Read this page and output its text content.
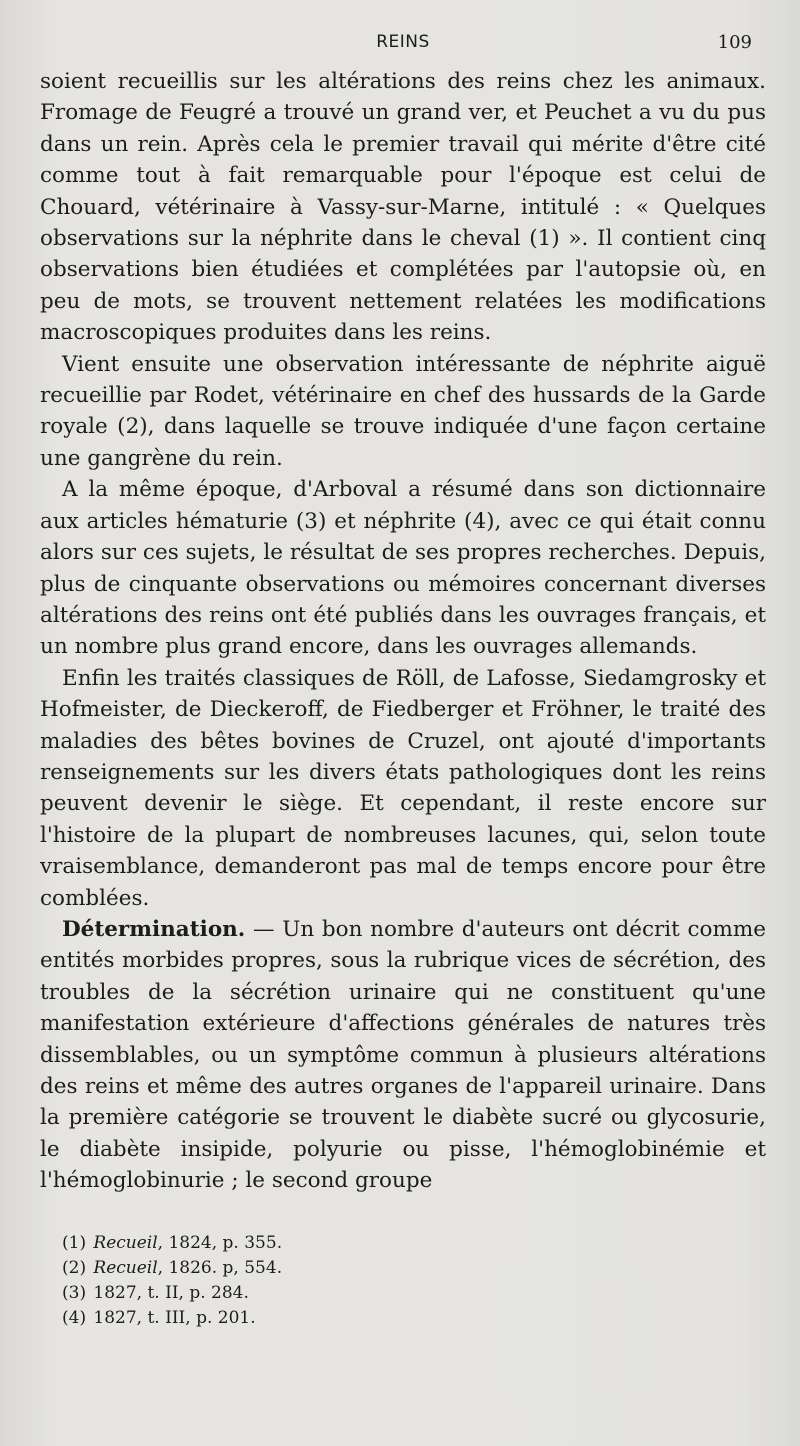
REINS	109

soient recueillis sur les altérations des reins chez les animaux. Fromage de Feugré a trouvé un grand ver, et Peuchet a vu du pus dans un rein. Après cela le premier travail qui mérite d'être cité comme tout à fait remarquable pour l'époque est celui de Chouard, vétérinaire à Vassy-sur-Marne, intitulé : « Quelques observations sur la néphrite dans le cheval (1) ». Il contient cinq observations bien étudiées et complétées par l'autopsie où, en peu de mots, se trouvent nettement relatées les modifications macroscopiques produites dans les reins.

Vient ensuite une observation intéressante de néphrite aiguë recueillie par Rodet, vétérinaire en chef des hussards de la Garde royale (2), dans laquelle se trouve indiquée d'une façon certaine une gangrène du rein.

A la même époque, d'Arboval a résumé dans son dictionnaire aux articles hématurie (3) et néphrite (4), avec ce qui était connu alors sur ces sujets, le résultat de ses propres recherches. Depuis, plus de cinquante observations ou mémoires concernant diverses altérations des reins ont été publiés dans les ouvrages français, et un nombre plus grand encore, dans les ouvrages allemands.

Enfin les traités classiques de Röll, de Lafosse, Siedamgrosky et Hofmeister, de Dieckeroff, de Fiedberger et Fröhner, le traité des maladies des bêtes bovines de Cruzel, ont ajouté d'importants renseignements sur les divers états pathologiques dont les reins peuvent devenir le siège. Et cependant, il reste encore sur l'histoire de la plupart de nombreuses lacunes, qui, selon toute vraisemblance, demanderont pas mal de temps encore pour être comblées.

Détermination. — Un bon nombre d'auteurs ont décrit comme entités morbides propres, sous la rubrique vices de sécrétion, des troubles de la sécrétion urinaire qui ne constituent qu'une manifestation extérieure d'affections générales de natures très dissemblables, ou un symptôme commun à plusieurs altérations des reins et même des autres organes de l'appareil urinaire. Dans la première catégorie se trouvent le diabète sucré ou glycosurie, le diabète insipide, polyurie ou pisse, l'hémoglobinémie et l'hémoglobinurie ; le second groupe

(1) Recueil, 1824, p. 355.
(2) Recueil, 1826. p, 554.
(3) 1827, t. II, p. 284.
(4) 1827, t. III, p. 201.
